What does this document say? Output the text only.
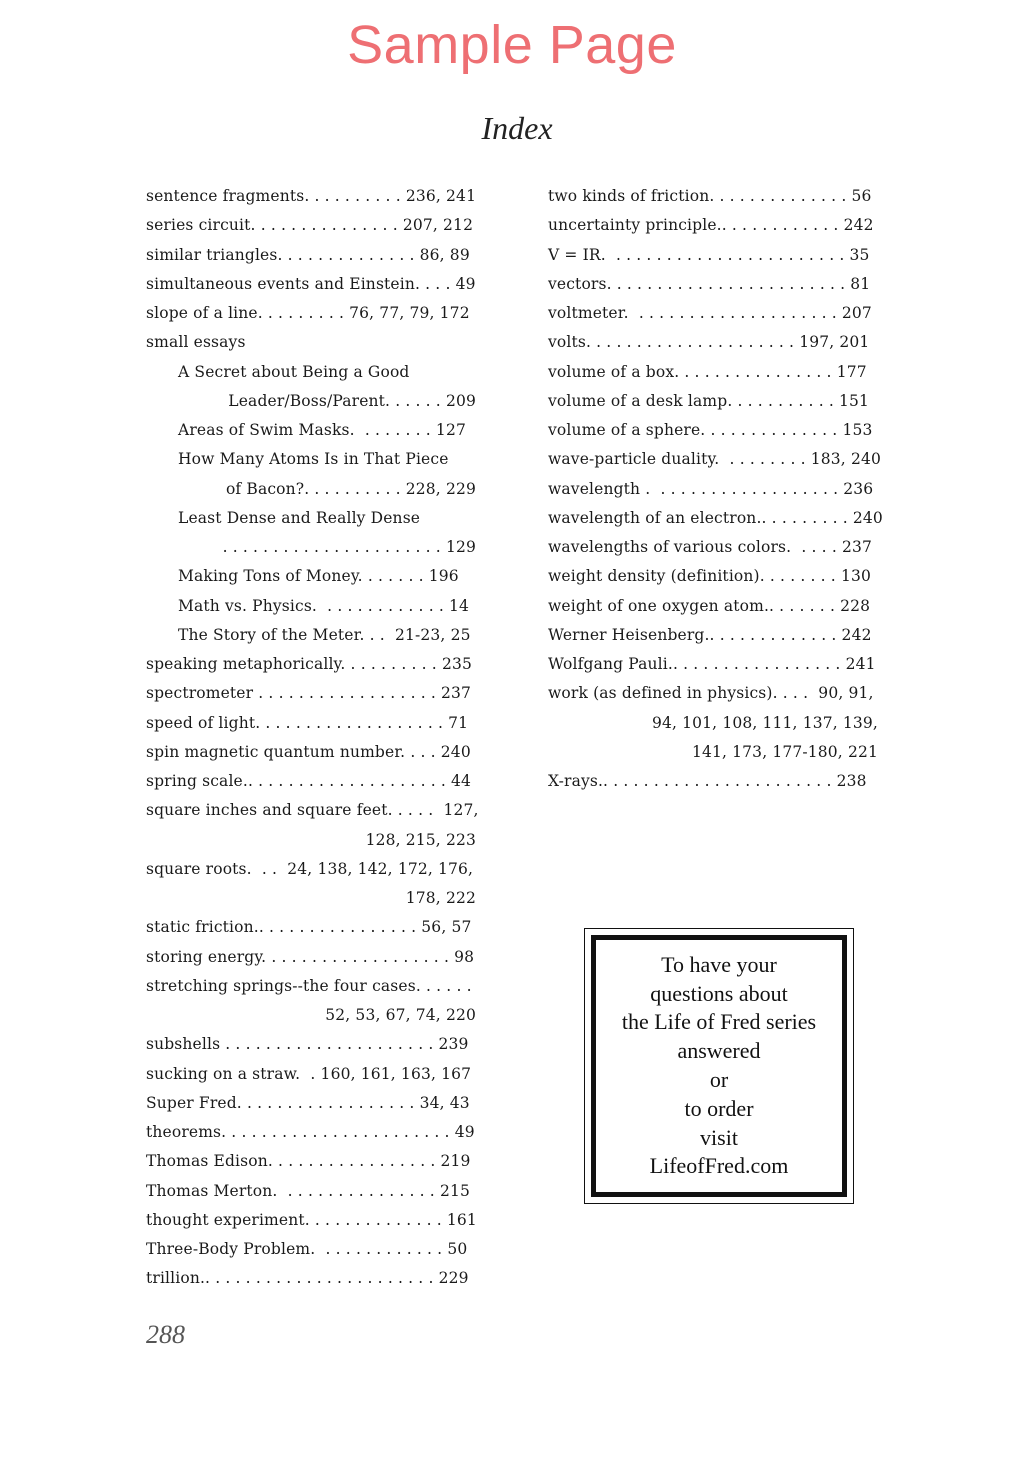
Sample Page
Index
sentence fragments. . . . . . . . . . 236, 241
series circuit. . . . . . . . . . . . . . . 207, 212
similar triangles. . . . . . . . . . . . . . 86, 89
simultaneous events and Einstein. . . . 49
slope of a line. . . . . . . . . 76, 77, 79, 172
small essays
A Secret about Being a Good
Leader/Boss/Parent. . . . . . 209
Areas of Swim Masks.  . . . . . . . 127
How Many Atoms Is in That Piece
of Bacon?. . . . . . . . . . 228, 229
Least Dense and Really Dense
. . . . . . . . . . . . . . . . . . . . . . 129
Making Tons of Money. . . . . . . 196
Math vs. Physics.  . . . . . . . . . . . . 14
The Story of the Meter. . .  21-23, 25
speaking metaphorically. . . . . . . . . . 235
spectrometer . . . . . . . . . . . . . . . . . . 237
speed of light. . . . . . . . . . . . . . . . . . . 71
spin magnetic quantum number. . . . 240
spring scale.. . . . . . . . . . . . . . . . . . . . 44
square inches and square feet. . . . .  127,
128, 215, 223
square roots.  . .  24, 138, 142, 172, 176,
178, 222
static friction.. . . . . . . . . . . . . . . . 56, 57
storing energy. . . . . . . . . . . . . . . . . . . 98
stretching springs--the four cases. . . . . .
52, 53, 67, 74, 220
subshells . . . . . . . . . . . . . . . . . . . . . 239
sucking on a straw.  . 160, 161, 163, 167
Super Fred. . . . . . . . . . . . . . . . . . 34, 43
theorems. . . . . . . . . . . . . . . . . . . . . . . 49
Thomas Edison. . . . . . . . . . . . . . . . . 219
Thomas Merton.  . . . . . . . . . . . . . . . 215
thought experiment. . . . . . . . . . . . . . 161
Three-Body Problem.  . . . . . . . . . . . . 50
trillion.. . . . . . . . . . . . . . . . . . . . . . . 229
two kinds of friction. . . . . . . . . . . . . . 56
uncertainty principle.. . . . . . . . . . . . 242
V = IR.  . . . . . . . . . . . . . . . . . . . . . . . 35
vectors. . . . . . . . . . . . . . . . . . . . . . . . 81
voltmeter.  . . . . . . . . . . . . . . . . . . . . 207
volts. . . . . . . . . . . . . . . . . . . . . 197, 201
volume of a box. . . . . . . . . . . . . . . . 177
volume of a desk lamp. . . . . . . . . . . 151
volume of a sphere. . . . . . . . . . . . . . 153
wave-particle duality.  . . . . . . . . 183, 240
wavelength .  . . . . . . . . . . . . . . . . . . 236
wavelength of an electron.. . . . . . . . . 240
wavelengths of various colors.  . . . . 237
weight density (definition). . . . . . . . 130
weight of one oxygen atom.. . . . . . . 228
Werner Heisenberg.. . . . . . . . . . . . . 242
Wolfgang Pauli.. . . . . . . . . . . . . . . . . 241
work (as defined in physics). . . .  90, 91,
94, 101, 108, 111, 137, 139,
141, 173, 177-180, 221
X-rays.. . . . . . . . . . . . . . . . . . . . . . . 238
To have your
questions about
the Life of Fred series
answered
or
to order
visit
LifeofFred.com
288
